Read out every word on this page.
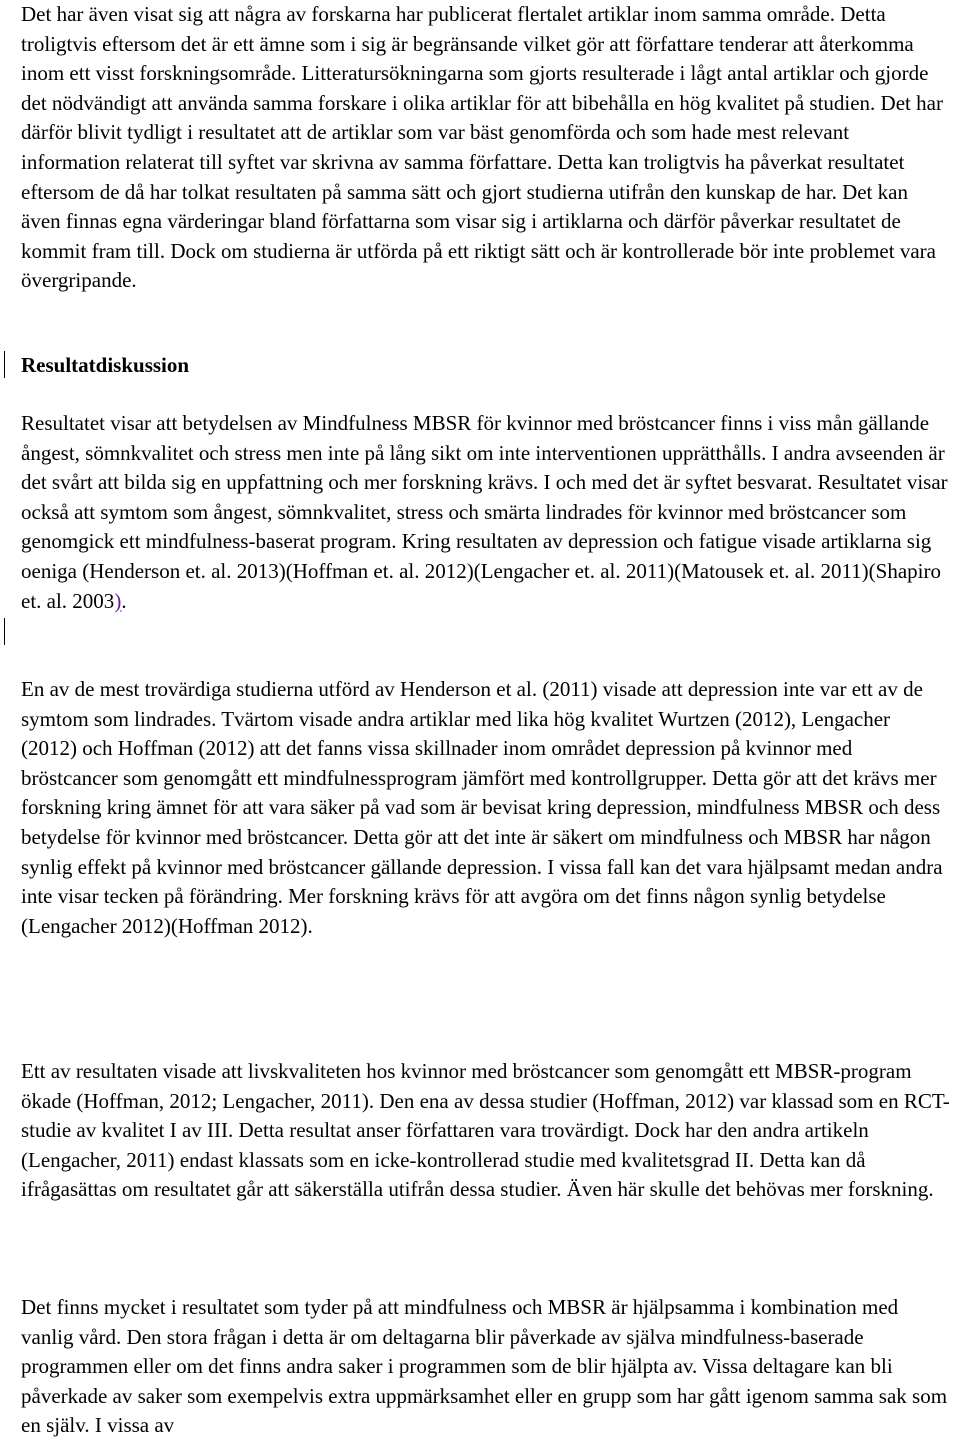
Det har även visat sig att några av forskarna har publicerat flertalet artiklar inom samma område. Detta troligtvis eftersom det är ett ämne som i sig är begränsande vilket gör att författare tenderar att återkomma inom ett visst forskningsområde. Litteratursökningarna som gjorts resulterade i lågt antal artiklar och gjorde det nödvändigt att använda samma forskare i olika artiklar för att bibehålla en hög kvalitet på studien. Det har därför blivit tydligt i resultatet att de artiklar som var bäst genomförda och som hade mest relevant information relaterat till syftet var skrivna av samma författare. Detta kan troligtvis ha påverkat resultatet eftersom de då har tolkat resultaten på samma sätt och gjort studierna utifrån den kunskap de har. Det kan även finnas egna värderingar bland författarna som visar sig i artiklarna och därför påverkar resultatet de kommit fram till. Dock om studierna är utförda på ett riktigt sätt och är kontrollerade bör inte problemet vara övergripande.

Resultatdiskussion

Resultatet visar att betydelsen av Mindfulness MBSR för kvinnor med bröstcancer finns i viss mån gällande ångest, sömnkvalitet och stress men inte på lång sikt om inte interventionen upprätthålls. I andra avseenden är det svårt att bilda sig en uppfattning och mer forskning krävs. I och med det är syftet besvarat. Resultatet visar också att symtom som ångest, sömnkvalitet, stress och smärta lindrades för kvinnor med bröstcancer som genomgick ett mindfulness-baserat program. Kring resultaten av depression och fatigue visade artiklarna sig oeniga (Henderson et. al. 2013)(Hoffman et. al. 2012)(Lengacher et. al. 2011)(Matousek et. al. 2011)(Shapiro et. al. 2003).

En av de mest trovärdiga studierna utförd av Henderson et al. (2011) visade att depression inte var ett av de symtom som lindrades. Tvärtom visade andra artiklar med lika hög kvalitet Wurtzen (2012), Lengacher (2012) och Hoffman (2012) att det fanns vissa skillnader inom området depression på kvinnor med bröstcancer som genomgått ett mindfulnessprogram jämfört med kontrollgrupper. Detta gör att det krävs mer forskning kring ämnet för att vara säker på vad som är bevisat kring depression, mindfulness MBSR och dess betydelse för kvinnor med bröstcancer. Detta gör att det inte är säkert om mindfulness och MBSR har någon synlig effekt på kvinnor med bröstcancer gällande depression. I vissa fall kan det vara hjälpsamt medan andra inte visar tecken på förändring. Mer forskning krävs för att avgöra om det finns någon synlig betydelse (Lengacher 2012)(Hoffman 2012).

Ett av resultaten visade att livskvaliteten hos kvinnor med bröstcancer som genomgått ett MBSR-program ökade (Hoffman, 2012; Lengacher, 2011). Den ena av dessa studier (Hoffman, 2012) var klassad som en RCT-studie av kvalitet I av III. Detta resultat anser författaren vara trovärdigt. Dock har den andra artikeln (Lengacher, 2011) endast klassats som en icke-kontrollerad studie med kvalitetsgrad II. Detta kan då ifrågasättas om resultatet går att säkerställa utifrån dessa studier. Även här skulle det behövas mer forskning.

Det finns mycket i resultatet som tyder på att mindfulness och MBSR är hjälpsamma i kombination med vanlig vård. Den stora frågan i detta är om deltagarna blir påverkade av själva mindfulness-baserade programmen eller om det finns andra saker i programmen som de blir hjälpta av. Vissa deltagare kan bli påverkade av saker som exempelvis extra uppmärksamhet eller en grupp som har gått igenom samma sak som en själv. I vissa av
